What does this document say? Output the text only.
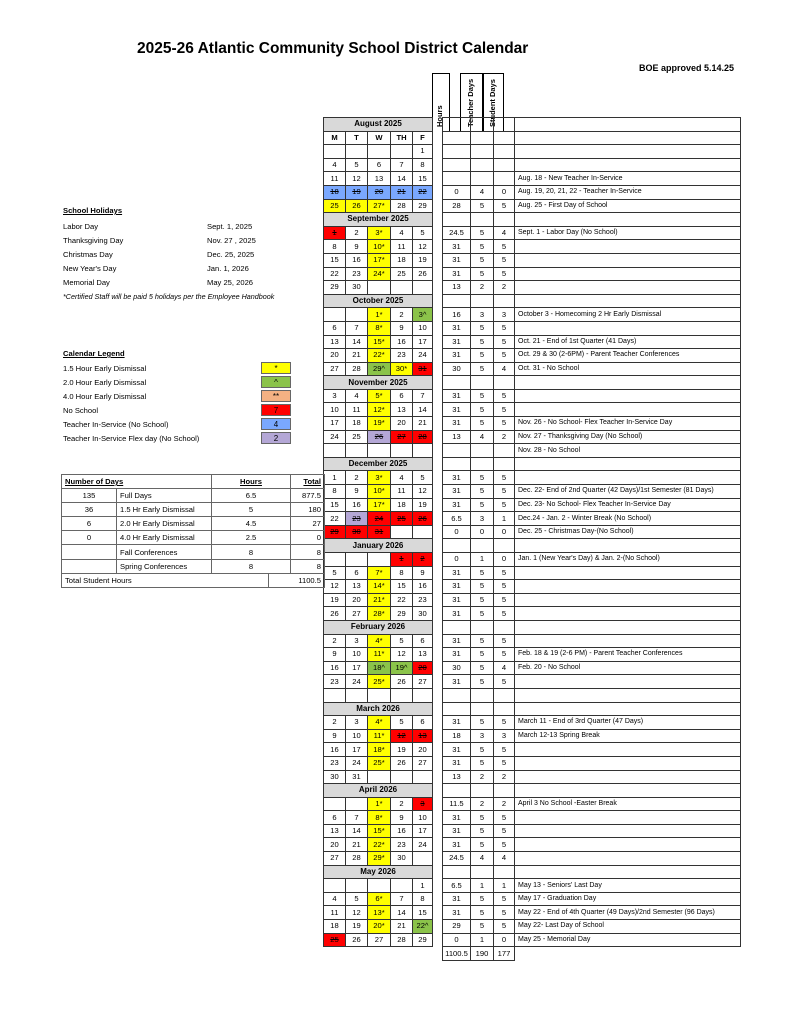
2025-26 Atlantic Community School District Calendar
BOE approved 5.14.25
Hours	Teacher Days Student Days
August 2025									
M	T	W	TH	F					
				1					
4	5	6	7	8					
11	12	13	14	15					Aug. 18 - New Teacher In-Service
18	19	20	21	22		0	4	0	Aug. 19, 20, 21, 22 - Teacher In-Service
25	26	27*	28	29		28	5	5	Aug. 25 - First Day of School
September 2025									
1	2	3*	4	5		24.5	5	4	Sept. 1 - Labor Day (No School)
8	9	10*	11	12		31	5	5	
15	16	17*	18	19		31	5	5	
22	23	24*	25	26		31	5	5	
29	30					13	2	2	
October 2025									
		1*	2	3^		16	3	3	October 3 - Homecoming 2 Hr Early Dismissal
6	7	8*	9	10		31	5	5	
13	14	15*	16	17		31	5	5	Oct. 21 - End of 1st Quarter (41 Days)
20	21	22*	23	24		31	5	5	Oct. 29 & 30 (2-6PM) - Parent Teacher Conferences
27	28	29^	30*	31		30	5	4	Oct. 31 - No School
November 2025									
3	4	5*	6	7		31	5	5	
10	11	12*	13	14		31	5	5	
17	18	19*	20	21		31	5	5	Nov. 26 - No School- Flex Teacher In-Service Day
24	25	26	27	28		13	4	2	Nov. 27 - Thanksgiving Day (No School)
									Nov. 28 - No School
December 2025									
1	2	3*	4	5		31	5	5	
8	9	10*	11	12		31	5	5	Dec. 22- End of 2nd Quarter (42 Days)/1st Semester (81 Days)
15	16	17*	18	19		31	5	5	Dec. 23- No School- Flex Teacher In-Service Day
22	23	24	25	26		6.5	3	1	Dec.24 - Jan. 2 - Winter Break (No School)
29	30	31				0	0	0	Dec. 25 - Christmas Day-(No School)
January 2026									
			1	2		0	1	0	Jan. 1 (New Year's Day) & Jan. 2-(No School)
5	6	7*	8	9		31	5	5	
12	13	14*	15	16		31	5	5	
19	20	21*	22	23		31	5	5	
26	27	28*	29	30		31	5	5	
February 2026									
2	3	4*	5	6		31	5	5	
9	10	11*	12	13		31	5	5	Feb. 18 & 19 (2-6 PM) - Parent Teacher Conferences
16	17	18^	19^	20		30	5	4	Feb. 20 - No School
23	24	25*	26	27		31	5	5	

March 2026									
2	3	4*	5	6		31	5	5	March 11 - End of 3rd Quarter (47 Days)
9	10	11*	12	13		18	3	3	March 12-13 Spring Break
16	17	18*	19	20		31	5	5	
23	24	25*	26	27		31	5	5	
30	31					13	2	2	
April 2026									
		1*	2	3		11.5	2	2	April 3 No School -Easter Break
6	7	8*	9	10		31	5	5	
13	14	15*	16	17		31	5	5	
20	21	22*	23	24		31	5	5	
27	28	29*	30			24.5	4	4	
May 2026									
				1		6.5	1	1	May 13 - Seniors' Last Day
4	5	6*	7	8		31	5	5	May 17 - Graduation Day
11	12	13*	14	15		31	5	5	May 22 - End of 4th Quarter (49 Days)/2nd Semester (96 Days)
18	19	20*	21	22^		29	5	5	May 22- Last Day of School
25	26	27	28	29		0	1	0	May 25 - Memorial Day
						1100.5	190	177	
School Holidays
Labor Day	Sept. 1, 2025
Thanksgiving Day	Nov. 27 , 2025
Christmas Day	Dec. 25, 2025
New Year's Day	Jan. 1, 2026
Memorial Day	May 25, 2026
*Certified Staff will be paid 5 holidays per the Employee Handbook
Calendar Legend
1.5 Hour Early Dismissal	*
2.0 Hour Early Dismissal	^
4.0 Hour Early Dismissal	**
No School	7
Teacher In-Service (No School)	4
Teacher In-Service Flex day (No School)	2
Number of Days		Hours		Total
135	Full Days	6.5		877.5
36	1.5 Hr Early Dismissal	5		180
6	2.0 Hr Early Dismissal	4.5		27
0	4.0 Hr Early Dismissal	2.5		0
	Fall Conferences	8		8
	Spring Conferences	8		8
Total Student Hours			1100.5	
